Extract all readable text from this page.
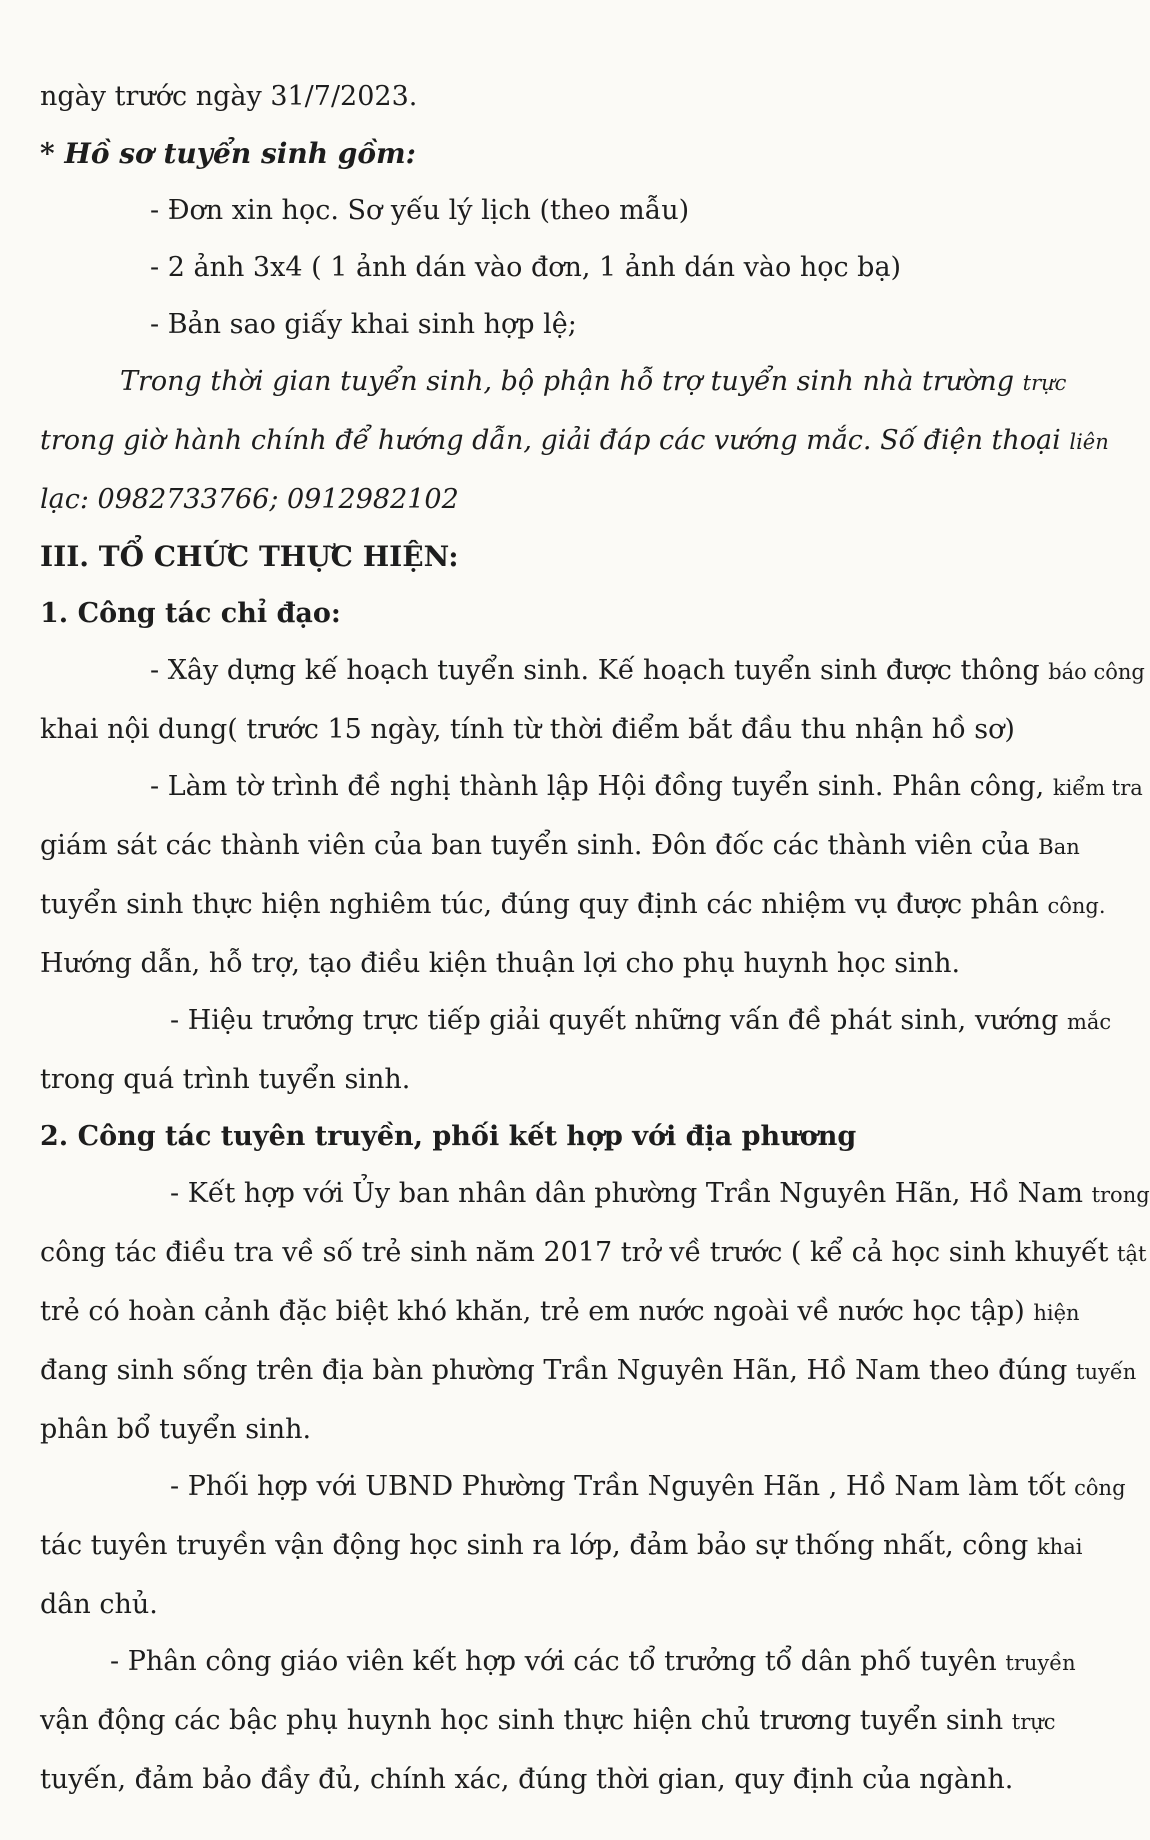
ngày trước ngày 31/7/2023.

* Hồ sơ tuyển sinh gồm:

- Đơn xin học. Sơ yếu lý lịch (theo mẫu)

- 2 ảnh 3x4 ( 1 ảnh dán vào đơn, 1 ảnh dán vào học bạ)

- Bản sao giấy khai sinh hợp lệ;

Trong thời gian tuyển sinh, bộ phận hỗ trợ tuyển sinh nhà trường trực

trong giờ hành chính để hướng dẫn, giải đáp các vướng mắc. Số điện thoại liên

lạc: 0982733766; 0912982102

III. TỔ CHỨC THỰC HIỆN:

1. Công tác chỉ đạo:

- Xây dựng kế hoạch tuyển sinh. Kế hoạch tuyển sinh được thông báo công

khai nội dung( trước 15 ngày, tính từ thời điểm bắt đầu thu nhận hồ sơ)

- Làm tờ trình đề nghị thành lập Hội đồng tuyển sinh. Phân công, kiểm tra

giám sát các thành viên của ban tuyển sinh. Đôn đốc các thành viên của Ban

tuyển sinh thực hiện nghiêm túc, đúng quy định các nhiệm vụ được phân công.

Hướng dẫn, hỗ trợ, tạo điều kiện thuận lợi cho phụ huynh học sinh.

- Hiệu trưởng trực tiếp giải quyết những vấn đề phát sinh, vướng mắc

trong quá trình tuyển sinh.

2. Công tác tuyên truyền, phối kết hợp với địa phương

- Kết hợp với Ủy ban nhân dân phường Trần Nguyên Hãn, Hồ Nam trong

công tác điều tra về số trẻ sinh năm 2017 trở về trước ( kể cả học sinh khuyết tật

trẻ có hoàn cảnh đặc biệt khó khăn, trẻ em nước ngoài về nước học tập) hiện

đang sinh sống trên địa bàn phường Trần Nguyên Hãn, Hồ Nam theo đúng tuyến

phân bổ tuyển sinh.

- Phối hợp với UBND Phường Trần Nguyên Hãn , Hồ Nam làm tốt công

tác tuyên truyền vận động học sinh ra lớp, đảm bảo sự thống nhất, công khai

dân chủ.

- Phân công giáo viên kết hợp với các tổ trưởng tổ dân phố tuyên truyền

vận động các bậc phụ huynh học sinh thực hiện chủ trương tuyển sinh trực

tuyến, đảm bảo đầy đủ, chính xác, đúng thời gian, quy định của ngành.
